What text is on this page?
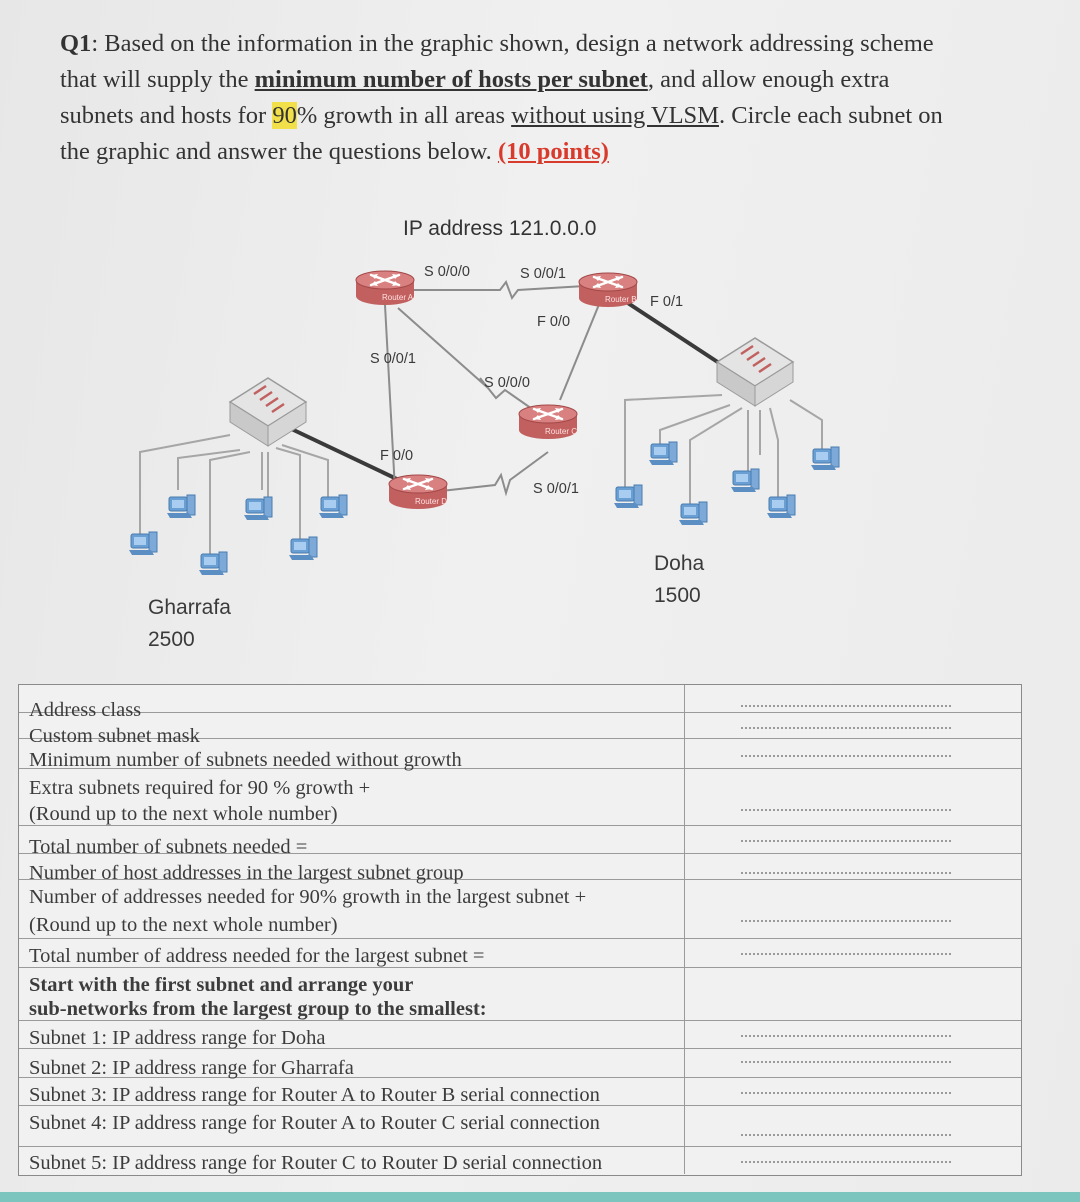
Q1: Based on the information in the graphic shown, design a network addressing scheme that will supply the minimum number of hosts per subnet, and allow enough extra subnets and hosts for 90% growth in all areas without using VLSM. Circle each subnet on the graphic and answer the questions below. (10 points)
IP address 121.0.0.0
Router A	Router B
Router C
Router D
S 0/0/0
S 0/0/1
S 0/0/1
F 0/0
F 0/1
S 0/0/0
S 0/0/1
F 0/0
Gharrafa
2500
Doha
1500
Address class
Custom subnet mask
Minimum number of subnets needed without growth
Extra subnets required for 90 % growth +
(Round up to the next whole number)
Total number of subnets needed =
Number of host addresses in the largest subnet group
Number of addresses needed for 90% growth in the largest subnet +
(Round up to the next whole number)
Total number of address needed for the largest subnet =
Start with the first subnet and arrange your
sub-networks from the largest group to the smallest:
Subnet 1: IP address range for Doha
Subnet 2: IP address range for Gharrafa
Subnet 3: IP address range for Router A to Router B serial connection
Subnet 4: IP address range for Router A to Router C serial connection
Subnet 5: IP address range for Router C to Router D serial connection
